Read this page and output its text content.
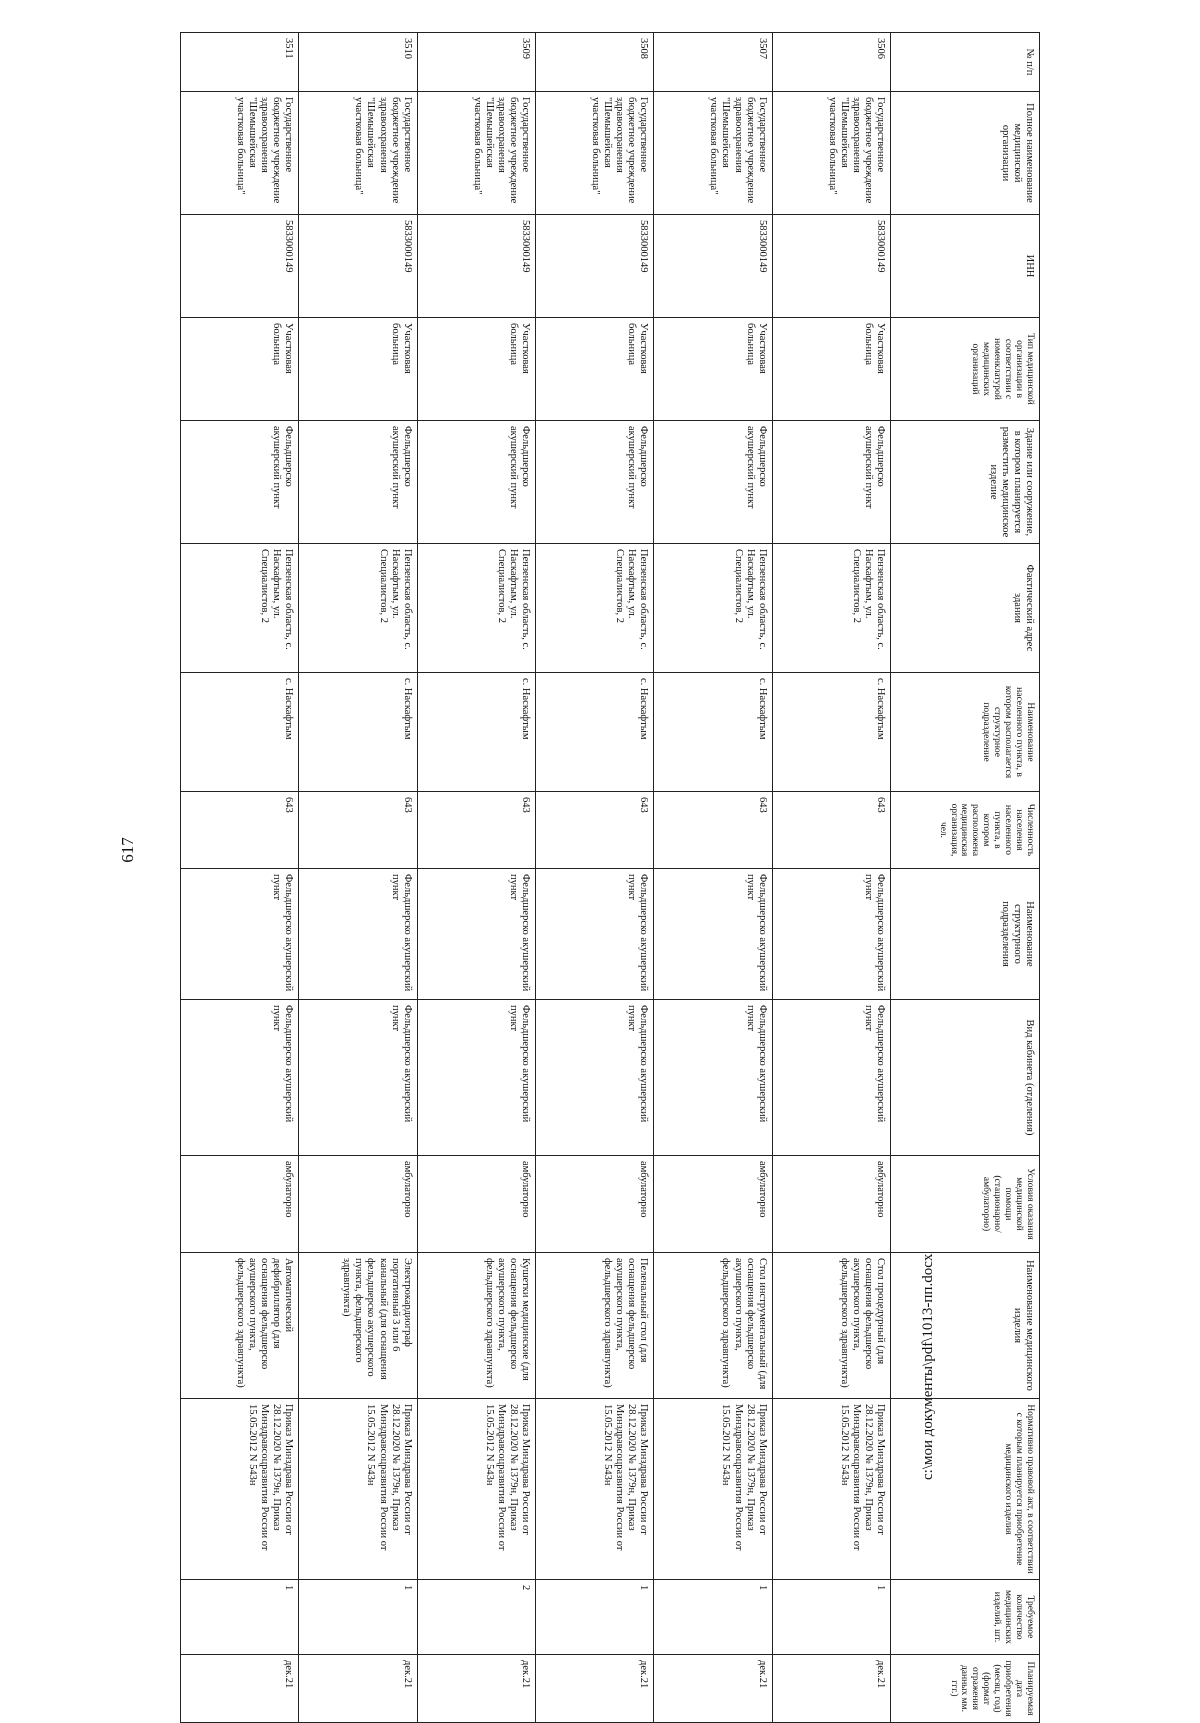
617
№ п/п	Полное наименование медицинской организации	ИНН	Тип медицинской организации в соответствии с номенклатурой медицинских организаций	Здание или сооружение, в котором планируется разместить медицинское изделие	Фактический адрес здания	Наименование населенного пункта, в котором располагается структурное подразделение	Численность населения населенного пункта, в котором расположена медицинская организация, чел.	Наименование структурного подразделения	Вид кабинета (отделения)	Условия оказания медицинской помощи (стационарно/амбулаторно)	Наименование медицинского изделия	Нормативно правовой акт, в соответствии с которым планируется приобретение медицинского изделия	Требуемое количество медицинских изделий, шт.	Планируемая дата приобретения (месяц, год) (формат отражения данных мм. ггг.)
3506	Государственное бюджетное учреждение здравоохранения "Шемышейская участковая больница"	5833000149	Участковая больница	Фельдшерско акушерский пункт	Пензенская область, с. Наскафтым, ул. Специалистов, 2	с. Наскафтым	643	Фельдшерско акушерский пункт	Фельдшерско акушерский пункт	амбулаторно	Стол процедурный (для оснащения фельдшерско акушерского пункта, фельдшерского здравпункта)	Приказ Минздрава России от 28.12.2020 № 1379н, Приказ Минздравсоцразвития России от 15.05.2012 N 543н	1	дек.21
3507	Государственное бюджетное учреждение здравоохранения "Шемышейская участковая больница"	5833000149	Участковая больница	Фельдшерско акушерский пункт	Пензенская область, с. Наскафтым, ул. Специалистов, 2	с. Наскафтым	643	Фельдшерско акушерский пункт	Фельдшерско акушерский пункт	амбулаторно	Стол инструментальный (для оснащения фельдшерско акушерского пункта, фельдшерского здравпункта)	Приказ Минздрава России от 28.12.2020 № 1379н, Приказ Минздравсоцразвития России от 15.05.2012 N 543н	1	дек.21
3508	Государственное бюджетное учреждение здравоохранения "Шемышейская участковая больница"	5833000149	Участковая больница	Фельдшерско акушерский пункт	Пензенская область, с. Наскафтым, ул. Специалистов, 2	с. Наскафтым	643	Фельдшерско акушерский пункт	Фельдшерско акушерский пункт	амбулаторно	Пеленальный стол (для оснащения фельдшерско акушерского пункта, фельдшерского здравпункта)	Приказ Минздрава России от 28.12.2020 № 1379н, Приказ Минздравсоцразвития России от 15.05.2012 N 543н	1	дек.21
3509	Государственное бюджетное учреждение здравоохранения "Шемышейская участковая больница"	5833000149	Участковая больница	Фельдшерско акушерский пункт	Пензенская область, с. Наскафтым, ул. Специалистов, 2	с. Наскафтым	643	Фельдшерско акушерский пункт	Фельдшерско акушерский пункт	амбулаторно	Кушетки медицинские (для оснащения фельдшерско акушерского пункта, фельдшерского здравпункта)	Приказ Минздрава России от 28.12.2020 № 1379н, Приказ Минздравсоцразвития России от 15.05.2012 N 543н	2	дек.21
3510	Государственное бюджетное учреждение здравоохранения "Шемышейская участковая больница"	5833000149	Участковая больница	Фельдшерско акушерский пункт	Пензенская область, с. Наскафтым, ул. Специалистов, 2	с. Наскафтым	643	Фельдшерско акушерский пункт	Фельдшерско акушерский пункт	амбулаторно	Электрокардиограф портативный 3 или 6 канальный (для оснащения фельдшерско акушерского пункта, фельдшерского здравпункта)	Приказ Минздрава России от 28.12.2020 № 1379н, Приказ Минздравсоцразвития России от 15.05.2012 N 543н	1	дек.21
3511	Государственное бюджетное учреждение здравоохранения "Шемышейская участковая больница"	5833000149	Участковая больница	Фельдшерско акушерский пункт	Пензенская область, с. Наскафтым, ул. Специалистов, 2	с. Наскафтым	643	Фельдшерско акушерский пункт	Фельдшерско акушерский пункт	амбулаторно	Автоматический дефибриллятор (для оснащения фельдшерско акушерского пункта, фельдшерского здравпункта)	Приказ Минздрава России от 28.12.2020 № 1379н, Приказ Минздравсоцразвития России от 15.05.2012 N 543н	1	дек.21
c:\мои документы\pdf\1013-пп.docx
